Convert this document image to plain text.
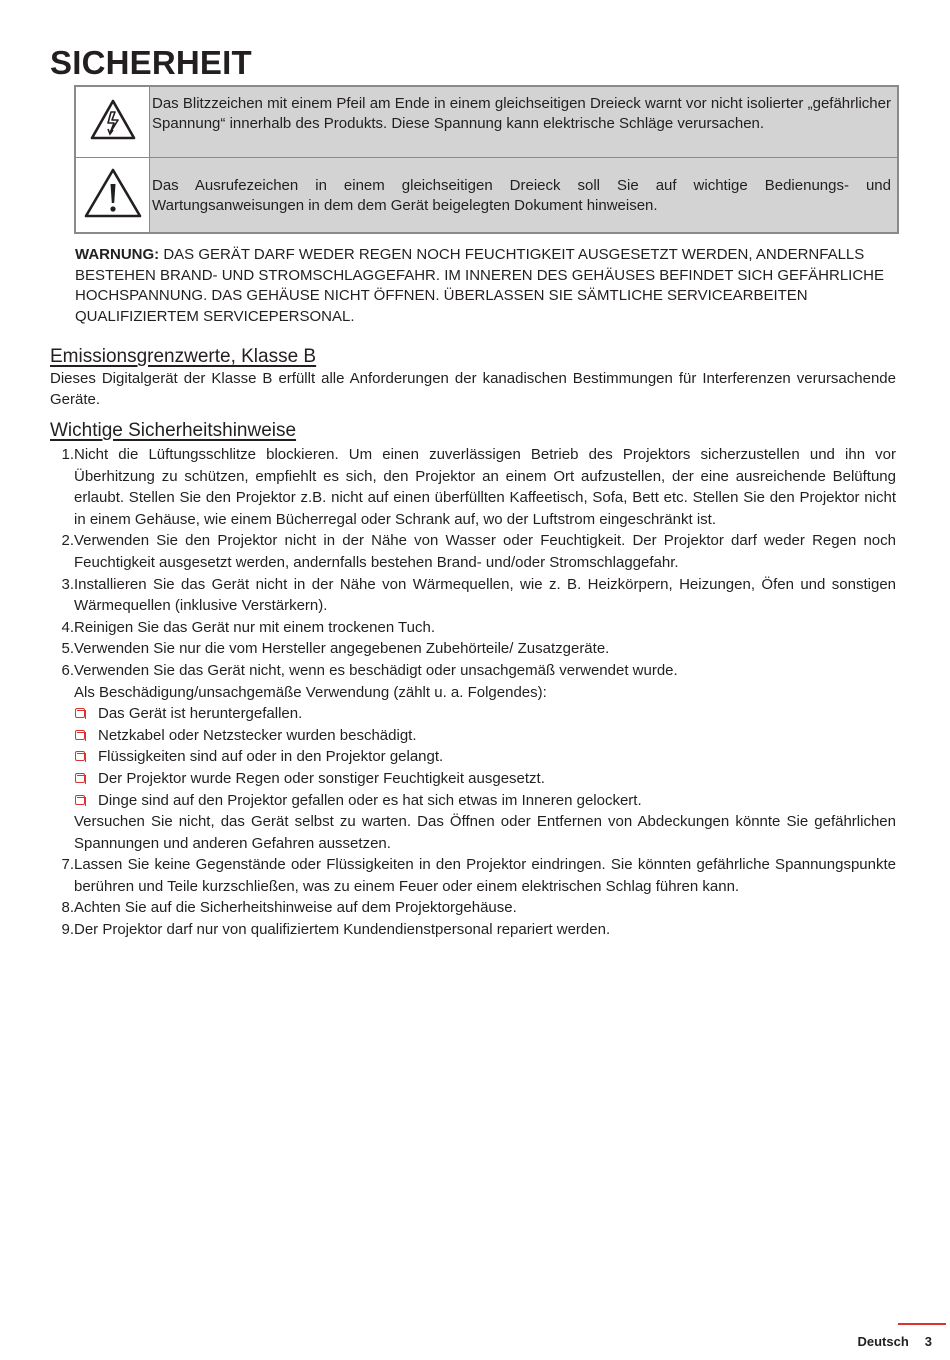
SICHERHEIT
	Das Blitzzeichen mit einem Pfeil am Ende in einem gleichseitigen Dreieck warnt vor nicht isolierter „gefährlicher Spannung“ innerhalb des Produkts. Diese Spannung kann elektrische Schläge verursachen.
	Das Ausrufezeichen in einem gleichseitigen Dreieck soll Sie auf wichtige Bedienungs- und Wartungsanweisungen in dem dem Gerät beigelegten Dokument hinweisen.
WARNUNG: DAS GERÄT DARF WEDER REGEN NOCH FEUCHTIGKEIT AUSGESETZT WERDEN, ANDERNFALLS BESTEHEN BRAND- UND STROMSCHLAGGEFAHR. IM INNEREN DES GEHÄUSES BEFINDET SICH GEFÄHRLICHE HOCHSPANNUNG. DAS GEHÄUSE NICHT ÖFFNEN. ÜBERLASSEN SIE SÄMTLICHE SERVICEARBEITEN QUALIFIZIERTEM SERVICEPERSONAL.
Emissionsgrenzwerte, Klasse B
Dieses Digitalgerät der Klasse B erfüllt alle Anforderungen der kanadischen Bestimmungen für Interferenzen verursachende Geräte.
Wichtige Sicherheitshinweise
1. Nicht die Lüftungsschlitze blockieren. Um einen zuverlässigen Betrieb des Projektors sicherzustellen und ihn vor Überhitzung zu schützen, empfiehlt es sich, den Projektor an einem Ort aufzustellen, der eine ausreichende Belüftung erlaubt. Stellen Sie den Projektor z.B. nicht auf einen überfüllten Kaffeetisch, Sofa, Bett etc. Stellen Sie den Projektor nicht in einem Gehäuse, wie einem Bücherregal oder Schrank auf, wo der Luftstrom eingeschränkt ist.
2. Verwenden Sie den Projektor nicht in der Nähe von Wasser oder Feuchtigkeit. Der Projektor darf weder Regen noch Feuchtigkeit ausgesetzt werden, andernfalls bestehen Brand- und/oder Stromschlaggefahr.
3. Installieren Sie das Gerät nicht in der Nähe von Wärmequellen, wie z. B. Heizkörpern, Heizungen, Öfen und sonstigen Wärmequellen (inklusive Verstärkern).
4. Reinigen Sie das Gerät nur mit einem trockenen Tuch.
5. Verwenden Sie nur die vom Hersteller angegebenen Zubehörteile/ Zusatzgeräte.
6. Verwenden Sie das Gerät nicht, wenn es beschädigt oder unsachgemäß verwendet wurde.
Als Beschädigung/unsachgemäße Verwendung (zählt u. a. Folgendes):
Das Gerät ist heruntergefallen.
Netzkabel oder Netzstecker wurden beschädigt.
Flüssigkeiten sind auf oder in den Projektor gelangt.
Der Projektor wurde Regen oder sonstiger Feuchtigkeit ausgesetzt.
Dinge sind auf den Projektor gefallen oder es hat sich etwas im Inneren gelockert.
Versuchen Sie nicht, das Gerät selbst zu warten. Das Öffnen oder Entfernen von Abdeckungen könnte Sie gefährlichen Spannungen und anderen Gefahren aussetzen.
7. Lassen Sie keine Gegenstände oder Flüssigkeiten in den Projektor eindringen. Sie könnten gefährliche Spannungspunkte berühren und Teile kurzschließen, was zu einem Feuer oder einem elektrischen Schlag führen kann.
8. Achten Sie auf die Sicherheitshinweise auf dem Projektorgehäuse.
9. Der Projektor darf nur von qualifiziertem Kundendienstpersonal repariert werden.
Deutsch 3
